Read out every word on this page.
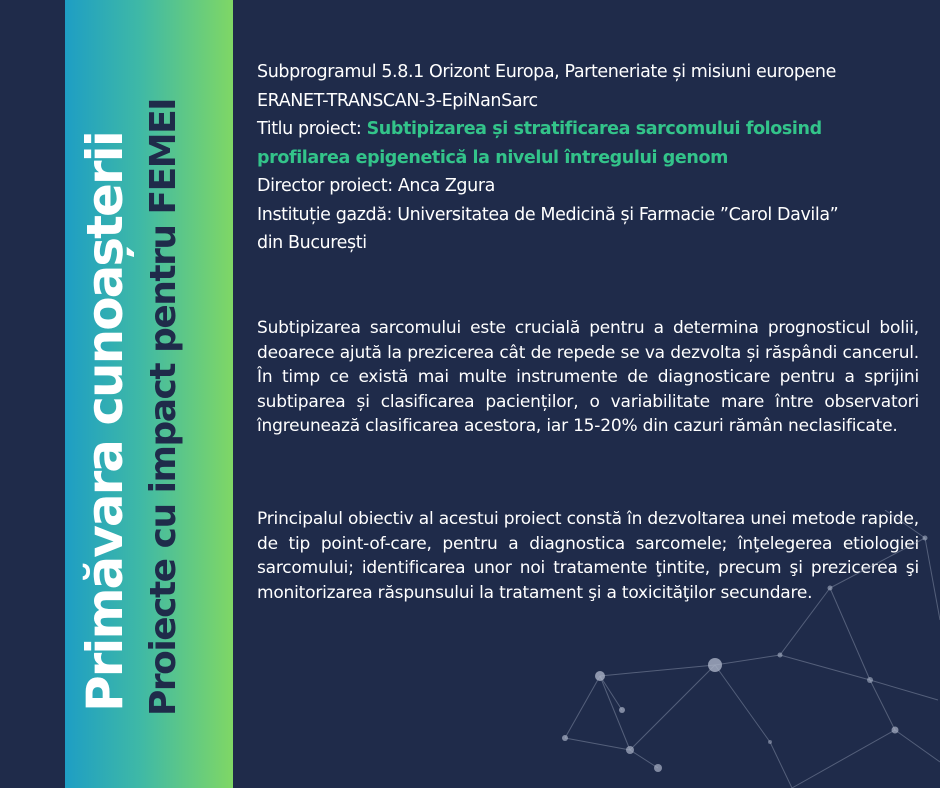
Primăvara cunoașterii Proiecte cu impact pentru FEMEI

Subprogramul 5.8.1 Orizont Europa, Parteneriate și misiuni europene

ERANET-TRANSCAN-3-EpiNanSarc

Titlu proiect: Subtipizarea și stratificarea sarcomului folosind

profilarea epigenetică la nivelul întregului genom

Director proiect: Anca Zgura

Instituție gazdă: Universitatea de Medicină și Farmacie ”Carol Davila”

din București

Subtipizarea sarcomului este crucială pentru a determina prognosticul bolii, deoarece ajută la prezicerea cât de repede se va dezvolta și răspândi cancerul. În timp ce există mai multe instrumente de diagnosticare pentru a sprijini subtiparea și clasificarea pacienților, o variabilitate mare între observatori îngreunează clasificarea acestora, iar 15-20% din cazuri rămân neclasificate.

Principalul obiectiv al acestui proiect constă în dezvoltarea unei metode rapide, de tip point-of-care, pentru a diagnostica sarcomele; înţelegerea etiologiei sarcomului; identificarea unor noi tratamente ţintite, precum şi prezicerea şi monitorizarea răspunsului la tratament şi a toxicităţilor secundare.
